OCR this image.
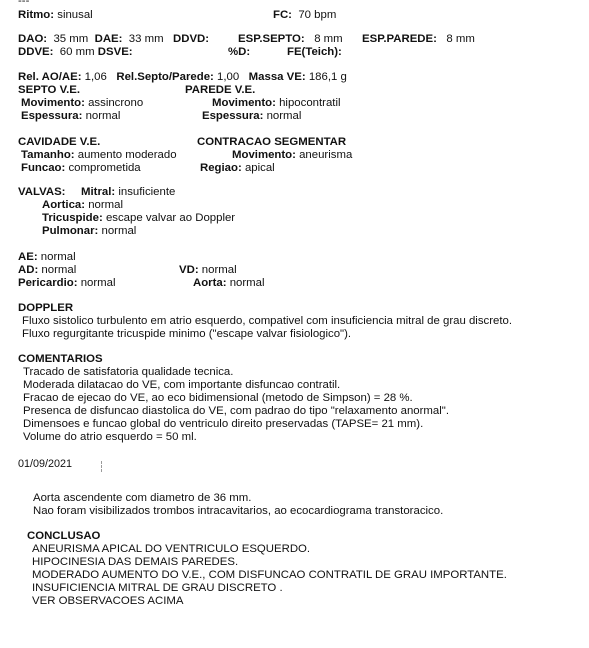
---
Ritmo: sinusal	FC: 70 bpm
DAO: 35 mm DAE: 33 mm DDVD:	ESP.SEPTO: 8 mm ESP.PAREDE: 8 mm
DDVE: 60 mm DSVE:	%D:	FE(Teich):
Rel. AO/AE: 1,06 Rel.Septo/Parede: 1,00 Massa VE: 186,1 g
SEPTO V.E.	PAREDE V.E.
Movimento: assincrono	Movimento: hipocontratil
Espessura: normal	Espessura: normal
CAVIDADE V.E.	CONTRACAO SEGMENTAR
Tamanho: aumento moderado	Movimento: aneurisma
Funcao: comprometida	Regiao: apical
VALVAS: Mitral: insuficiente
Aortica: normal
Tricuspide: escape valvar ao Doppler
Pulmonar: normal
AE: normal
AD: normal	VD: normal
Pericardio: normal	Aorta: normal
DOPPLER
Fluxo sistolico turbulento em atrio esquerdo, compativel com insuficiencia mitral de grau discreto.
Fluxo regurgitante tricuspide minimo ("escape valvar fisiologico").
COMENTARIOS
Tracado de satisfatoria qualidade tecnica.
Moderada dilatacao do VE, com importante disfuncao contratil.
Fracao de ejecao do VE, ao eco bidimensional (metodo de Simpson) = 28 %.
Presenca de disfuncao diastolica do VE, com padrao do tipo "relaxamento anormal".
Dimensoes e funcao global do ventriculo direito preservadas (TAPSE= 21 mm).
Volume do atrio esquerdo = 50 ml.
01/09/2021
Aorta ascendente com diametro de 36 mm.
Nao foram visibilizados trombos intracavitarios, ao ecocardiograma transtoracico.
CONCLUSAO
ANEURISMA APICAL DO VENTRICULO ESQUERDO.
HIPOCINESIA DAS DEMAIS PAREDES.
MODERADO AUMENTO DO V.E., COM DISFUNCAO CONTRATIL DE GRAU IMPORTANTE.
INSUFICIENCIA MITRAL DE GRAU DISCRETO .
VER OBSERVACOES ACIMA
